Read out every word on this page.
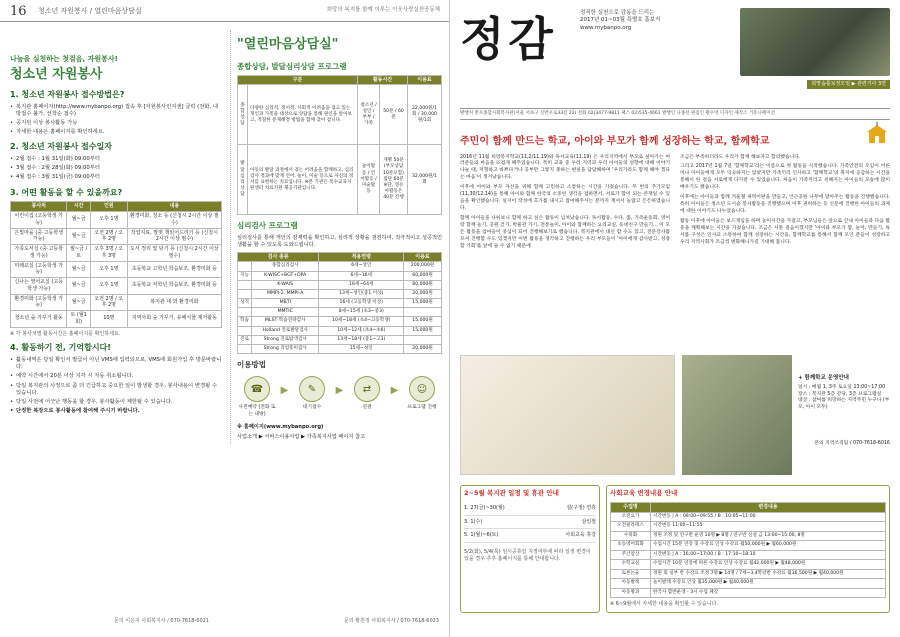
16 청소년 자원봉사 / 열린마음상담실	희망의 복지를 함께 이루는 이웃사랑실천공동체
나눔을 실천하는 첫걸음, 자원봉사!
청소년 자원봉사
1. 청소년 자원봉사 접수방법은?
• 복지관 홈페이지(http://www.mybanpo.org) 접속 후 [자원봉사인지센] 클릭 (전화, 내방접수 불가, 선착순 접수)
• 공지된 이상 봉사활동 가능
• 자세한 내용은 홈페이지를 확인하세요.
2. 청소년 자원봉사 접수일자
• 2월 접수 : 1월 31일(화) 09:00부터
• 3월 접수 : 2월 28일(화) 09:00부터
• 4월 접수 : 3월 31일(금) 09:00부터
3. 어떤 활동을 할 수 있을까요?
봉사처	시간	인원	내용
어린이집 (고등학생 가능)	월~금	오후 1명	환경미화, 청소 등 (신청시 2시간 이상 필수)
은빛마을 (중·고등학생 가능)	월~금	오전 2명 / 오후 2명	작업지료, 말벗 책읽어드리기 등 (신청시 2시간 이상 필수)
가족도서실 (중·고등학생 가능)	월~금 / 토	오후 3명 / 오후 3명	도서 정리 및 닦기 등 (신청시 2시간 이상 필수)
미래교실 (고등학생 가능)	월~금	오후 1명	초등학교 고학년 학습보조, 환경미화 등
신나는 영어교실 (고등학생 가능)	월~금	오후 1명	초등학교 저학년 학습보조, 환경미화 등
환경미화 (고등학생 가능)	월~금	오전 2명 / 오후 2명	복지관 내·외 환경미화
청소년 숲 가꾸기 활동	토 (월1회)	10명	지역사회 숲 가꾸기, 유해식물 제거활동
※ 각 봉사처별 활동시간은 홈페이지를 확인하세요.
4. 활동하기 전, 기억합시다!
• 활동내역은 당일 확인서 발급이 아닌 VMS에 입력되므로, VMS에 회원가입 후 방문바랍니다.
• 예약 시간에서 20분 이상 지각 시 자동 취소됩니다.
• 당일 복지관의 사정으로 좀 더 긴급하고 중요한 일이 발생할 경우, 봉사내용이 변경될 수 있습니다.
• 당일 사전에 어긋난 행동을 할 경우, 봉사활동이 제한될 수 있습니다.
• 단정한 복장으로 봉사활동에 참여해 주시기 바랍니다.
문의 이은지 사회복지사 / 070-7618-6021
"열린마음상담실"
종합상담, 발달심리상담 프로그램
구분		활동시간		이용료
종합상담	다양한 심리적, 정서적, 사회적 어려움을 겪고 있는 개인과 가족을 대상으로 상담을 통해 원인을 알아보고, 적절한 문제해결 방법을 함께 찾아 갑니다.	청소년 / 성인 / 부부 / 가족	50분 / 60분	22,000원/1회 / 30,000원/1회
발달심리상담	아동의 발달 과정에서 겪는 어려움을 함께하고, 심리 검사 결과에 맞게 언어, 놀이, 미술 등으로 자신의 정서를 표현하는 치료입니다. ※본 기관은 특수교육지원센터 치료지원 제공기관입니다.	놀이활동 / 언어활동 / 미술활동	개별 50분 (부모상담 10분포함) 집단 60분 ※단, 영유아활동은 40분 진행	32,000원/1회
심리검사 프로그램
심리검사를 통해 개인의 잠재력을 확인하고, 심리적 상황을 점검하여, 적극적이고 성공적인 생활을 할 수 있도록 도와드립니다.
검사 종류		적용연령	이용료
	종합심리검사	6세~성인	200,000원
지능	K-WISC+BGT+DPA	6세~16세	60,000원
	K-WAIS	16세~64세	80,000원
	MMPI-2, MMPI-A	13세~성인(중1 이상)	20,000원
성격	MBTI	16세 (고등학생 이상)	15,000원
	MMTIC	8세~15세 (초3~중3)	
학습	MLST 학습전략검사	10세~18세 (초4~고등학생)	15,000원
	Holland 진로발달검사	10세~12세 (초4~초6)	15,000원
진로	Strong 진로탐색검사	13세~18세 (중1~고3)	
	Strong 직업흥미검사	15세~성인	20,000원
이용방법
☎
사전예약 (전화 또는 내방)
▶	✎
대기접수
▶	⇄
연결
▶	☺
프로그램 진행
※ 홈페이지(www.mybanpo.org)
사업소개 ▶ 서비스이용사업 ▶ 가족복지사업 페이지 참고
문의 황원정 사회복지사 / 070-7618-6023
정감	정직한 실천으로 감동을 드리는
2017년 01~03월 특별호 홈보지 www.mybanpo.org
희망솜틀보정모임 ▶ 관련기사 3면
발행처 반포종합사회복지관(서울 서초구 신반포로33길 22) 전화 02)3477-9811 팩스 02)535-4661 발행인 나종선 편집인 황수영 디자인 제작스 거흥니페이션
주민이 함께 만드는 학교, 아이와 부모가 함께 성장하는 학교, 함께학교

2016년 11월 희망복지학교(11,2/11,19)와 독서교육(11,19) 은 우리지역에서 부모로 살아가는 여러분들의 마음을 뜨겁게 해주었습니다. 특히 교육 중 우리 지역과 우리 아이들의 성향에 대해 이야기 나눌 때, 저형하고 바쁘다거나 공부만 그렇지 못하는 현실을 담담해하며 '우리가라도 함께 해야 겠다는 마음'이 생겨났습니다.

이후에 아이와 부모 자신을 위해 함께 고민하고 소통하는 시간을 가졌습니다. 두 번의 추가모임(11,30/12,14)을 통해 아이와 함께 한국의 소중한 생각을 점하면서, 서로가 함이 되는 존재일 수 있음을 확인했습니다. 실지어 작성에 흐가를 내시고 참여해주시는 분까지 계셔서 놀랍고 든든하였습니다.

함께 아이들을 나눠보니 함께 하고 싶은 활동이 넘쳐났습니다. 독서활동, 수다, 춤, 가족운동회, 영어랑 함께 놀기, 공원 걷기, 박물관 가기, 전통놀이, 아이와 함께하는 요리교실, 동네친구 만들기... 이 모든 활동을 엄마들이 중심이 되어 진행해보기로 했습니다. 복지관에서 대신 할 수도 있고, 전문강사를 모셔 진행할 수도 있겠지만 이번 활동을 생각하고 진행하는 우리 부모들이 '아이에게 감사받고, 성장할 기회'를 앞에 둘 수 없기 때문에

조금은 부족하더라도 우리가 함께 해보자고 합의했습니다.

그리고 2017년 1월 7일 '함께학교'라는 이름으로 첫 활동을 시작했습니다. 가족안전의 모임이 어른이나 아이들에게 모두 익숙하지는 않았지만 가족끼리 인사하고 '함께학교'의 취지에 공감하는 시간을 통해서 한 걸음 서로에게 다가갈 수 있었습니다. 처음이 가족끼리고 친해지는 아이들의 모습에 많이 배우기도 했습니다.

이후에는 아이들과 함께 겨울철 새먹이판을 만들고, 인근공원 나무에 달아주는 활동을 진행했습니다. 특히 아이들은 청소년 도시숲 봉사활동을 진행했으며 이후 권희하는 등 신문에 진행한 아이들의 과제에 대한 이야기도 나누었습니다.

활동 이후에 아이들은 보드게임을 하며 놀이시간을 가졌고, 부모님들은 앞으로 산내 아이들과 다음 활동을 계획해보는 시간을 가졌습니다. 조금은 서툰 걸음이겠지만 '아이와 부모가 함, 놀이, 만들기, 독서를 구성은 인사교 소통하여 함께 성장하는 시간을, 함께학교를 통해서 함께 모인 분들이 성장하고 우리 지역사회가 조금씩 변화해나가길 기대해 봅니다.

+ 함께학교 운영안내
일시 : 매월 1, 3주 토요일 13:00~17:00
장소 : 복지관 5층 강당, 3층 프로그램실
대상 : 참여를 희망하는 지역주민 누구나 (부모, 아이 모두)
문의 지역조직팀 / 070-7618-6016
2~5월 복지관 일정 및 휴관 안내
1. 27(금)~30(월)	설(구정) 연휴
3. 1(수)	삼일절
5. 1(월)~6(토)	사회교육 휴강
5/2(화), 5/4(목) 임시공휴일 지정여부에 따라 일정 변경이 있을 경우 추후 홈페이지를 통해 안내합니다.
사회교육 변경내용 안내
수업명	변경내용
오전요가	시간변동 | A : 09:00~09:55 / B : 10:05~11:00
오전필라테스	시간변동 11:00~11:55
수묵화	정원 조정 및 연구반 운영 10명 ▶ 8명 / 연구반 신설 금 13:00~15:00, 8명
초등영어회화	수업시간 15분 연장 및 수강료 인상 수강료 월50,000원 ▶ 월60,000원
주산암산	시간변동 | A : 16:00~17:00 / B : 17:10~18:10
수학교실	수업시간 10분 연장에 따른 수강료 인상 수강료 월42,000원 ▶ 월48,000원
토론논술	정원 및 일부 반 수강료 조정 7명 ▶ 14명 / 7세~3,4학년반 수강료 월36,500원 ▶ 월40,000원
아동발레	놀이발레 수강료 인상 월35,000원 ▶ 월40,000원
아동방과	한국사 합반운영 - 3시 수업 폐강
※ 6~9월에서 자세한 내용을 확인할 수 있습니다.
